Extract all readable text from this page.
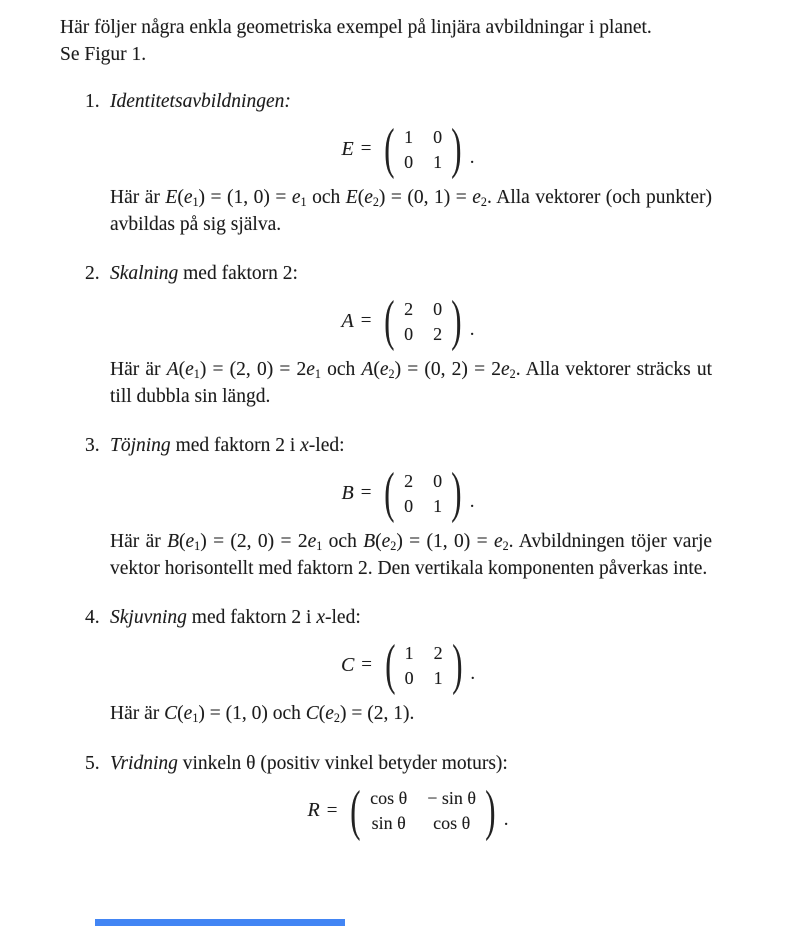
Här följer några enkla geometriska exempel på linjära avbildningar i planet.
Se Figur 1.

1. Identitetsavbildningen:
E = ( 1 0
0 1 ) .

Här är $E(e_1) = (1$, $0) = e_1$ och $E(e_2) = (0$, $1) = e_2$. Alla vektorer (och punkter) avbildas på sig själva.

2. Skalning med faktorn 2:
A = ( 2 0
0 2 ) .

Här är $A(e_1) = (2$, $0) = 2e_1$ och $A(e_2) = (0$, $2) = 2e_2$. Alla vektorer sträcks ut till dubbla sin längd.

3. Töjning med faktorn 2 i x-led:
B = ( 2 0
0 1 ) .

Här är $B(e_1) = (2$, $0) = 2e_1$ och $B(e_2) = (1$, $0) = e_2$. Avbildningen töjer varje vektor horisontellt med faktorn 2. Den vertikala komponenten påverkas inte.

4. Skjuvning med faktorn 2 i x-led:
C = ( 1 2
0 1 ) .

Här är $C(e_1) = (1$, 0) och $C(e_2) = (2$, 1).

5. Vridning vinkeln θ (positiv vinkel betyder moturs):
R = ( cos θ − sin θ
sin θ	cos θ ) .
